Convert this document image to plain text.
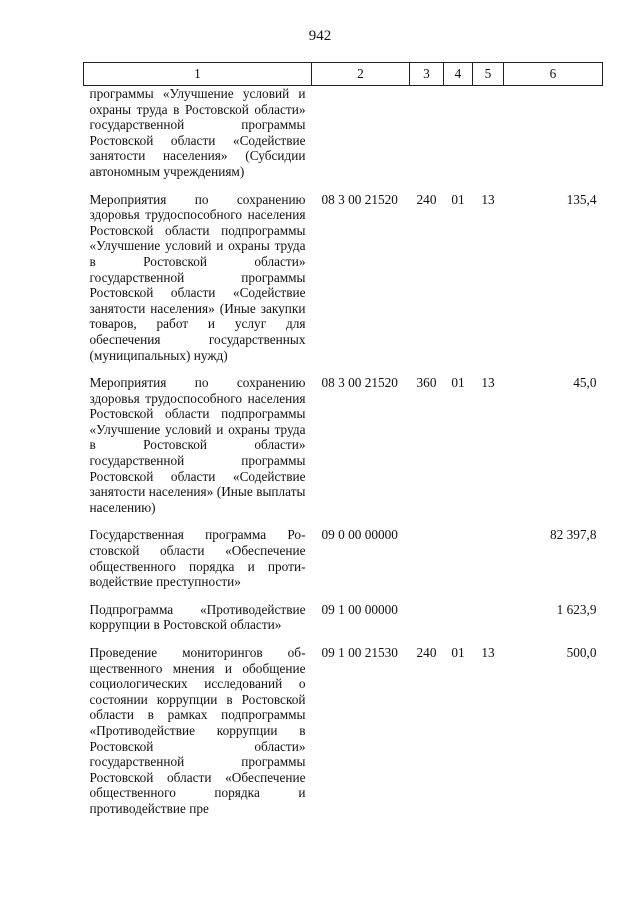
942
1	2	3	4	5	6
программы «Улучшение условий и охраны труда в Ростовской области» государственной программы Ростовской области «Содействие занятости населения» (Субсидии автономным учреждениям)					
Мероприятия по сохранению здоровья трудоспособного населения Ростовской области подпрограммы «Улучшение условий и охраны труда в Ростовской области» государственной программы Ростовской области «Содействие занятости населения» (Иные закупки товаров, работ и услуг для обеспечения государственных (муниципальных) нужд)	08 3 00 21520	240	01	13	135,4
Мероприятия по сохранению здоровья трудоспособного населения Ростовской области подпрограммы «Улучшение условий и охраны труда в Ростовской области» государственной программы Ростовской области «Содействие занятости населения» (Иные выплаты населению)	08 3 00 21520	360	01	13	45,0
Государственная программа Ростовской области «Обеспечение общественного порядка и противодействие преступности»	09 0 00 00000				82 397,8
Подпрограмма «Противодействие коррупции в Ростовской области»	09 1 00 00000				1 623,9
Проведение мониторингов общественного мнения и обобщение социологических исследований о состоянии коррупции в Ростовской области в рамках подпрограммы «Противодействие коррупции в Ростовской области» государственной программы Ростовской области «Обеспечение общественного порядка и противодействие пре	09 1 00 21530	240	01	13	500,0
